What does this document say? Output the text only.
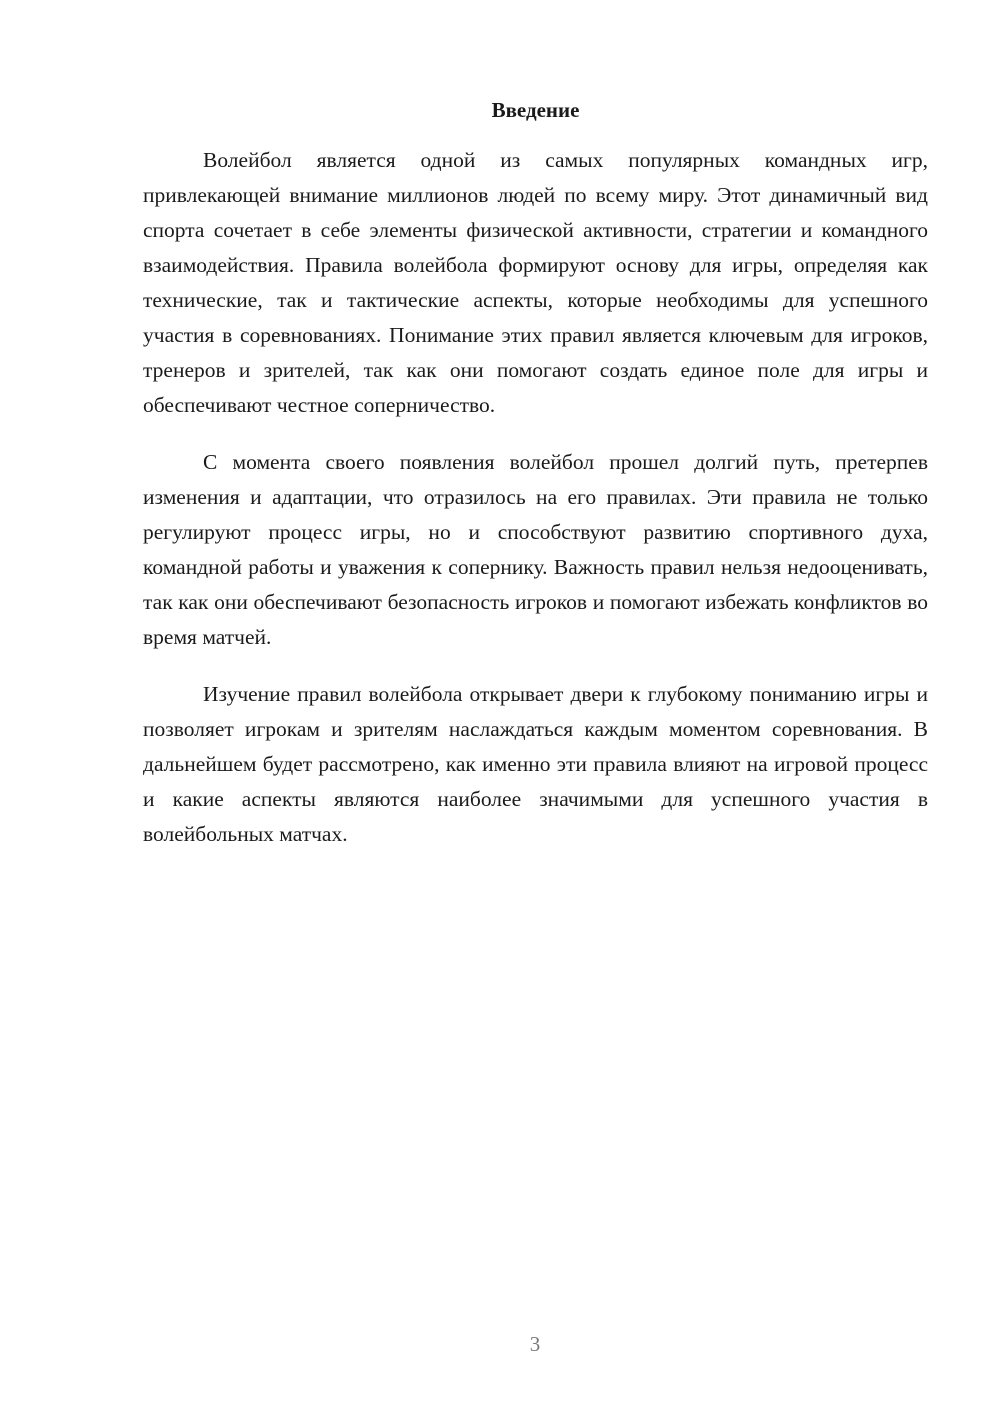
Введение

Волейбол является одной из самых популярных командных игр, привлекающей внимание миллионов людей по всему миру. Этот динамичный вид спорта сочетает в себе элементы физической активности, стратегии и командного взаимодействия. Правила волейбола формируют основу для игры, определяя как технические, так и тактические аспекты, которые необходимы для успешного участия в соревнованиях. Понимание этих правил является ключевым для игроков, тренеров и зрителей, так как они помогают создать единое поле для игры и обеспечивают честное соперничество.

С момента своего появления волейбол прошел долгий путь, претерпев изменения и адаптации, что отразилось на его правилах. Эти правила не только регулируют процесс игры, но и способствуют развитию спортивного духа, командной работы и уважения к сопернику. Важность правил нельзя недооценивать, так как они обеспечивают безопасность игроков и помогают избежать конфликтов во время матчей.

Изучение правил волейбола открывает двери к глубокому пониманию игры и позволяет игрокам и зрителям наслаждаться каждым моментом соревнования. В дальнейшем будет рассмотрено, как именно эти правила влияют на игровой процесс и какие аспекты являются наиболее значимыми для успешного участия в волейбольных матчах.

3
